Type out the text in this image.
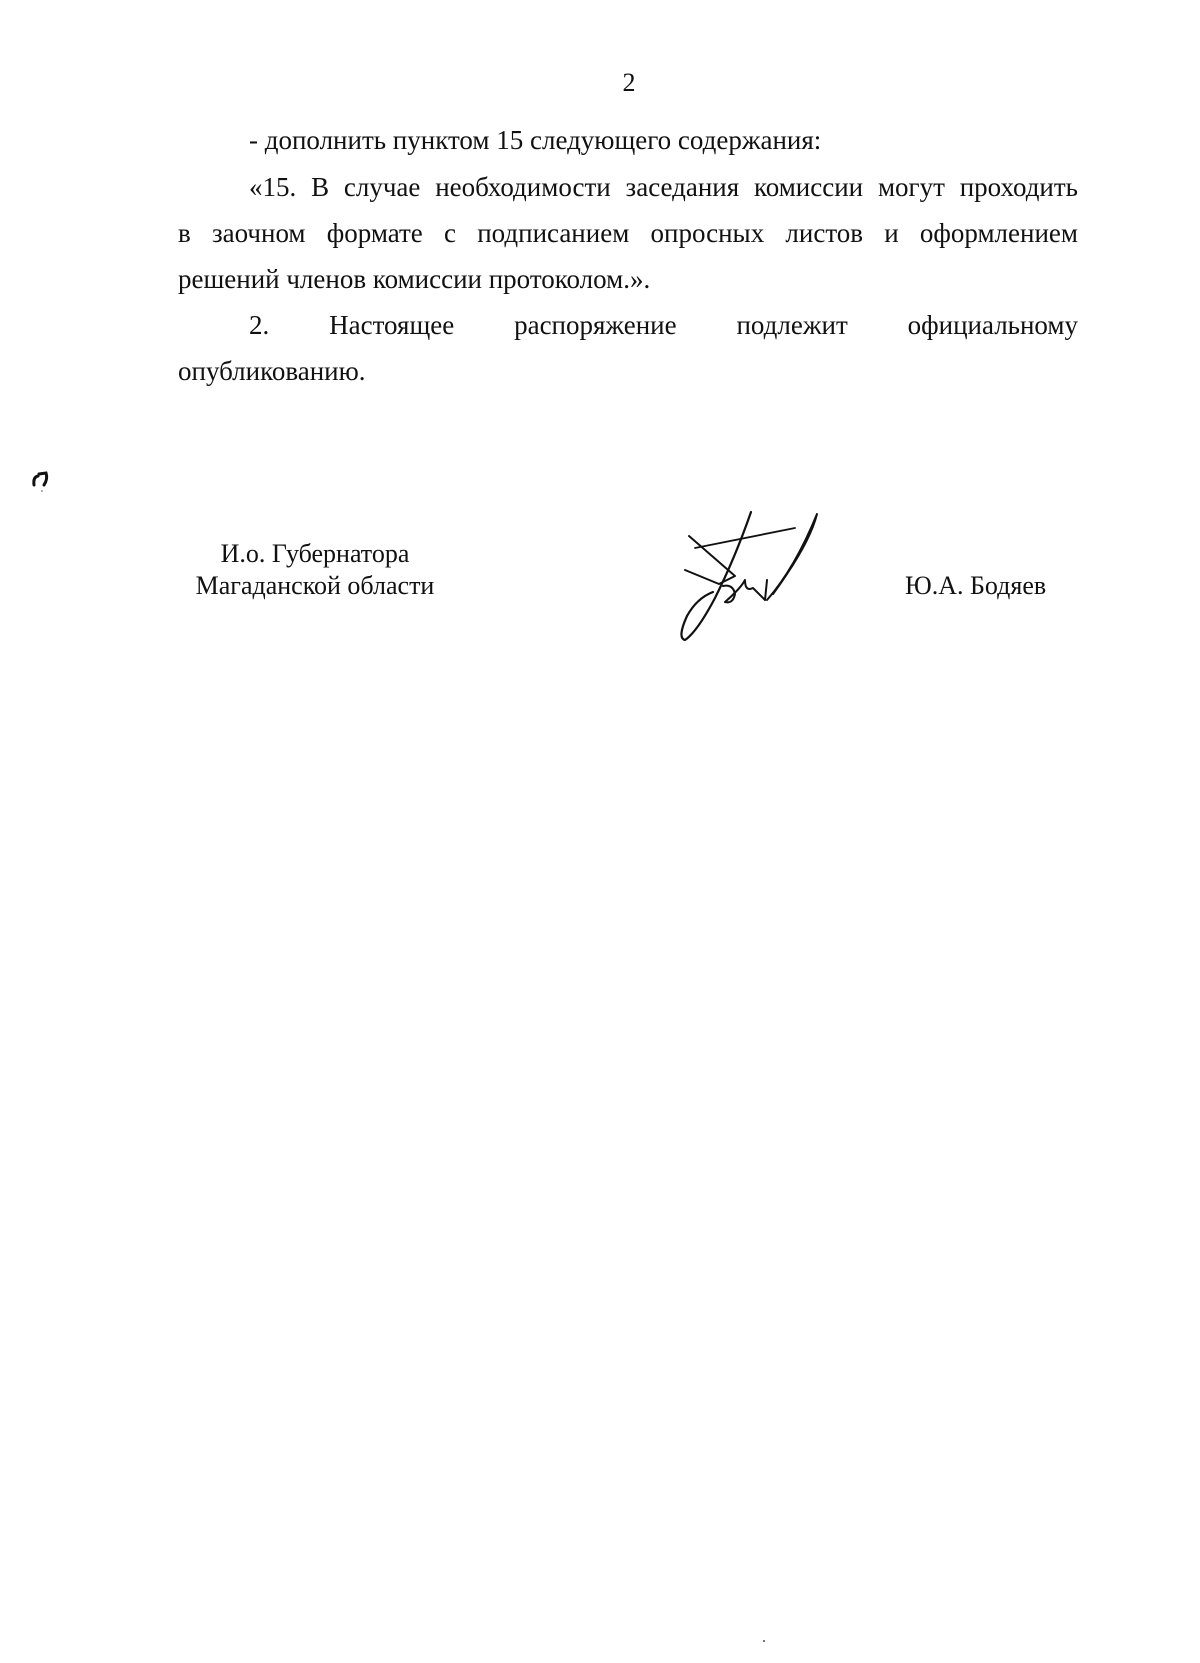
2
- дополнить пунктом 15 следующего содержания:
«15. В случае необходимости заседания комиссии могут проходить
в заочном формате с подписанием опросных листов и оформлением
решений членов комиссии протоколом.».
2. Настоящее распоряжение подлежит официальному
опубликованию.
И.о. Губернатора
Магаданской области	Ю.А. Бодяев
